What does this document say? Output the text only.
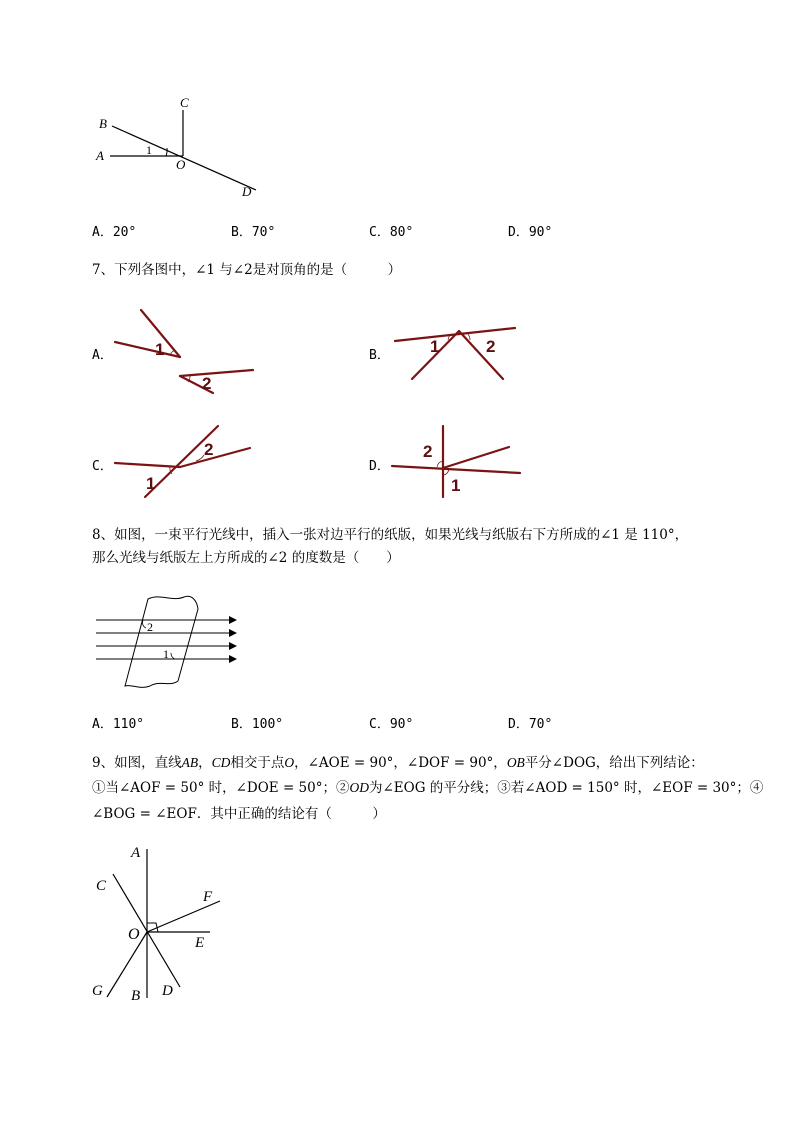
C
B
A	1
O
D
A．20°	B．70°	C．80°	D．90°
7、下列各图中，∠1 与∠2是对顶角的是（　　　）
A．	B．
C．	D．
1
2
1	2
1
2	2
1
8、如图，一束平行光线中，插入一张对边平行的纸版，如果光线与纸版右下方所成的∠1 是 110°，
那么光线与纸版左上方所成的∠2 的度数是（　　）
2
1
A．110°	B．100°	C．90°	D．70°
9、如图，直线AB，CD相交于点O，∠AOE = 90°，∠DOF = 90°，OB平分∠DOG，给出下列结论：
①当∠AOF = 50° 时，∠DOE = 50°；②OD为∠EOG 的平分线；③若∠AOD = 150° 时，∠EOF = 30°；④
∠BOG = ∠EOF．其中正确的结论有（　　　）
A
C
F
O	E
G B D
